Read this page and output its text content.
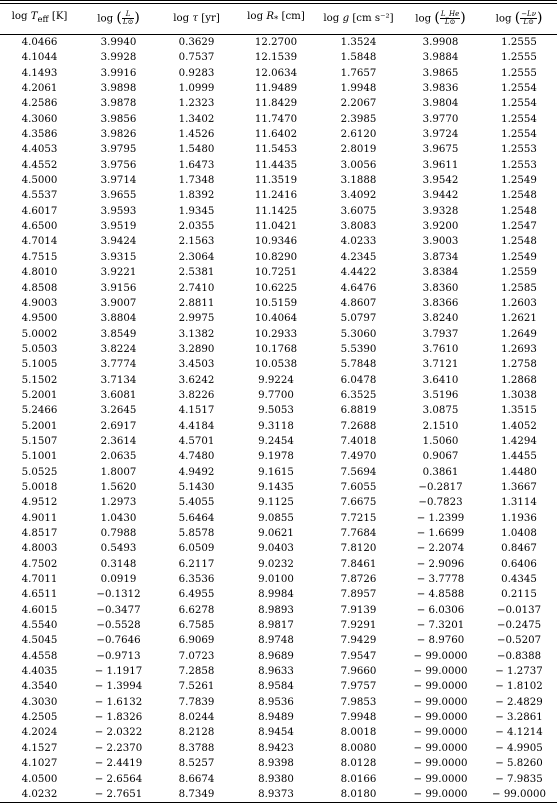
$\log T_{eff}$ [K]	log ( $\frac{L}{L⊙}$ )	log τ [yr]	$\log R_*$ [cm]	log g [cm s⁻²]	log ( $\frac{L\_He}{L⊙}$ )	log ( $\frac{-L\nu}{L⊙}$ )
4.0466	3.9940	0.3629	12.2700	1.3524	3.9908	1.2555
4.1044	3.9928	0.7537	12.1539	1.5848	3.9884	1.2555
4.1493	3.9916	0.9283	12.0634	1.7657	3.9865	1.2555
4.2061	3.9898	1.0999	11.9489	1.9948	3.9836	1.2554
4.2586	3.9878	1.2323	11.8429	2.2067	3.9804	1.2554
4.3060	3.9856	1.3402	11.7470	2.3985	3.9770	1.2554
4.3586	3.9826	1.4526	11.6402	2.6120	3.9724	1.2554
4.4053	3.9795	1.5480	11.5453	2.8019	3.9675	1.2553
4.4552	3.9756	1.6473	11.4435	3.0056	3.9611	1.2553
4.5000	3.9714	1.7348	11.3519	3.1888	3.9542	1.2549
4.5537	3.9655	1.8392	11.2416	3.4092	3.9442	1.2548
4.6017	3.9593	1.9345	11.1425	3.6075	3.9328	1.2548
4.6500	3.9519	2.0355	11.0421	3.8083	3.9200	1.2547
4.7014	3.9424	2.1563	10.9346	4.0233	3.9003	1.2548
4.7515	3.9315	2.3064	10.8290	4.2345	3.8734	1.2549
4.8010	3.9221	2.5381	10.7251	4.4422	3.8384	1.2559
4.8508	3.9156	2.7410	10.6225	4.6476	3.8360	1.2585
4.9003	3.9007	2.8811	10.5159	4.8607	3.8366	1.2603
4.9500	3.8804	2.9975	10.4064	5.0797	3.8240	1.2621
5.0002	3.8549	3.1382	10.2933	5.3060	3.7937	1.2649
5.0503	3.8224	3.2890	10.1768	5.5390	3.7610	1.2693
5.1005	3.7774	3.4503	10.0538	5.7848	3.7121	1.2758
5.1502	3.7134	3.6242	9.9224	6.0478	3.6410	1.2868
5.2001	3.6081	3.8226	9.7700	6.3525	3.5196	1.3038
5.2466	3.2645	4.1517	9.5053	6.8819	3.0875	1.3515
5.2001	2.6917	4.4184	9.3118	7.2688	2.1510	1.4052
5.1507	2.3614	4.5701	9.2454	7.4018	1.5060	1.4294
5.1001	2.0635	4.7480	9.1978	7.4970	0.9067	1.4455
5.0525	1.8007	4.9492	9.1615	7.5694	0.3861	1.4480
5.0018	1.5620	5.1430	9.1435	7.6055	−0.2817	1.3667
4.9512	1.2973	5.4055	9.1125	7.6675	−0.7823	1.3114
4.9011	1.0430	5.6464	9.0855	7.7215	− 1.2399	1.1936
4.8517	0.7988	5.8578	9.0621	7.7684	− 1.6699	1.0408
4.8003	0.5493	6.0509	9.0403	7.8120	− 2.2074	0.8467
4.7502	0.3148	6.2117	9.0232	7.8461	− 2.9096	0.6406
4.7011	0.0919	6.3536	9.0100	7.8726	− 3.7778	0.4345
4.6511	−0.1312	6.4955	8.9984	7.8957	− 4.8588	0.2115
4.6015	−0.3477	6.6278	8.9893	7.9139	− 6.0306	−0.0137
4.5540	−0.5528	6.7585	8.9817	7.9291	− 7.3201	−0.2475
4.5045	−0.7646	6.9069	8.9748	7.9429	− 8.9760	−0.5207
4.4558	−0.9713	7.0723	8.9689	7.9547	− 99.0000	−0.8388
4.4035	− 1.1917	7.2858	8.9633	7.9660	− 99.0000	− 1.2737
4.3540	− 1.3994	7.5261	8.9584	7.9757	− 99.0000	− 1.8102
4.3030	− 1.6132	7.7839	8.9536	7.9853	− 99.0000	− 2.4829
4.2505	− 1.8326	8.0244	8.9489	7.9948	− 99.0000	− 3.2861
4.2024	− 2.0322	8.2128	8.9454	8.0018	− 99.0000	− 4.1214
4.1527	− 2.2370	8.3788	8.9423	8.0080	− 99.0000	− 4.9905
4.1027	− 2.4419	8.5257	8.9398	8.0128	− 99.0000	− 5.8260
4.0500	− 2.6564	8.6674	8.9380	8.0166	− 99.0000	− 7.9835
4.0232	− 2.7651	8.7349	8.9373	8.0180	− 99.0000	− 99.0000
